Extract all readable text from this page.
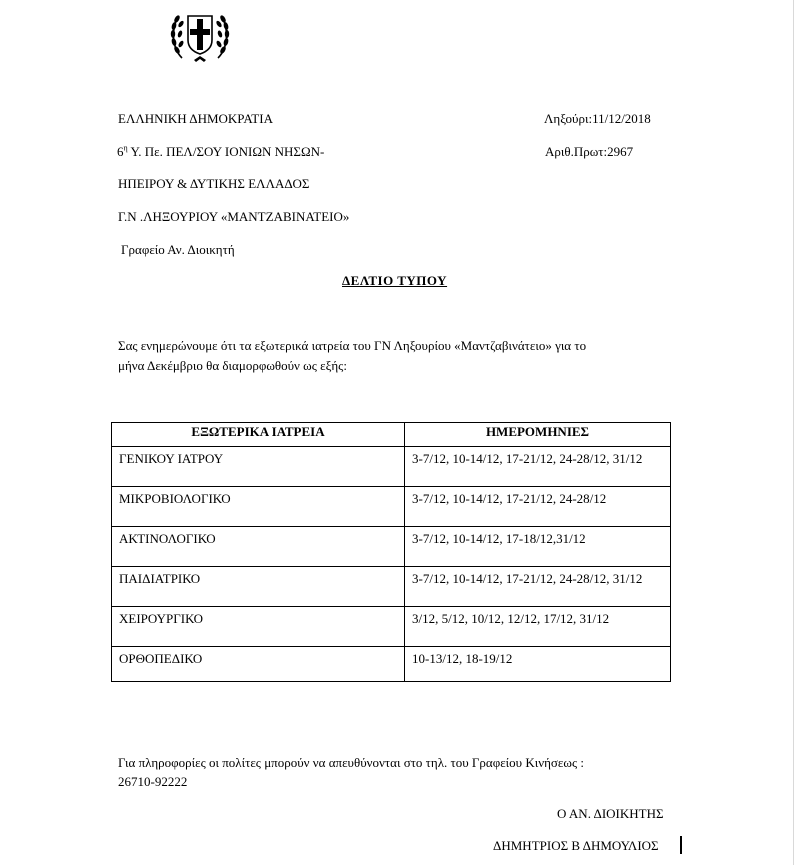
ΕΛΛΗΝΙΚΗ ΔΗΜΟΚΡΑΤΙΑ
$6^\eta$ Υ. Πε. ΠΕΛ/ΣΟΥ ΙΟΝΙΩΝ ΝΗΣΩΝ-
ΗΠΕΙΡΟΥ & ΔΥΤΙΚΗΣ ΕΛΛΑΔΟΣ
Γ.Ν .ΛΗΞΟΥΡΙΟΥ «ΜΑΝΤΖΑΒΙΝΑΤΕΙΟ»
Γραφείο Αν. Διοικητή
Ληξούρι:11/12/2018
Αριθ.Πρωτ:2967
ΔΕΛΤΙΟ ΤΥΠΟΥ
Σας ενημερώνουμε ότι τα εξωτερικά ιατρεία του ΓΝ Ληξουρίου «Μαντζαβινάτειο» για το
μήνα Δεκέμβριο θα διαμορφωθούν ως εξής:
ΕΞΩΤΕΡΙΚΑ ΙΑΤΡΕΙΑ	ΗΜΕΡΟΜΗΝΙΕΣ
ΓΕΝΙΚΟΥ ΙΑΤΡΟΥ	3-7/12, 10-14/12, 17-21/12, 24-28/12, 31/12
ΜΙΚΡΟΒΙΟΛΟΓΙΚΟ	3-7/12, 10-14/12, 17-21/12, 24-28/12
ΑΚΤΙΝΟΛΟΓΙΚΟ	3-7/12, 10-14/12, 17-18/12,31/12
ΠΑΙΔΙΑΤΡΙΚΟ	3-7/12, 10-14/12, 17-21/12, 24-28/12, 31/12
ΧΕΙΡΟΥΡΓΙΚΟ	3/12, 5/12, 10/12, 12/12, 17/12, 31/12
ΟΡΘΟΠΕΔΙΚΟ	10-13/12, 18-19/12
Για πληροφορίες οι πολίτες μπορούν να απευθύνονται στο τηλ. του Γραφείου Κινήσεως :
26710-92222
Ο ΑΝ. ΔΙΟΙΚΗΤΗΣ
ΔΗΜΗΤΡΙΟΣ Β ΔΗΜΟΥΛΙΟΣ
